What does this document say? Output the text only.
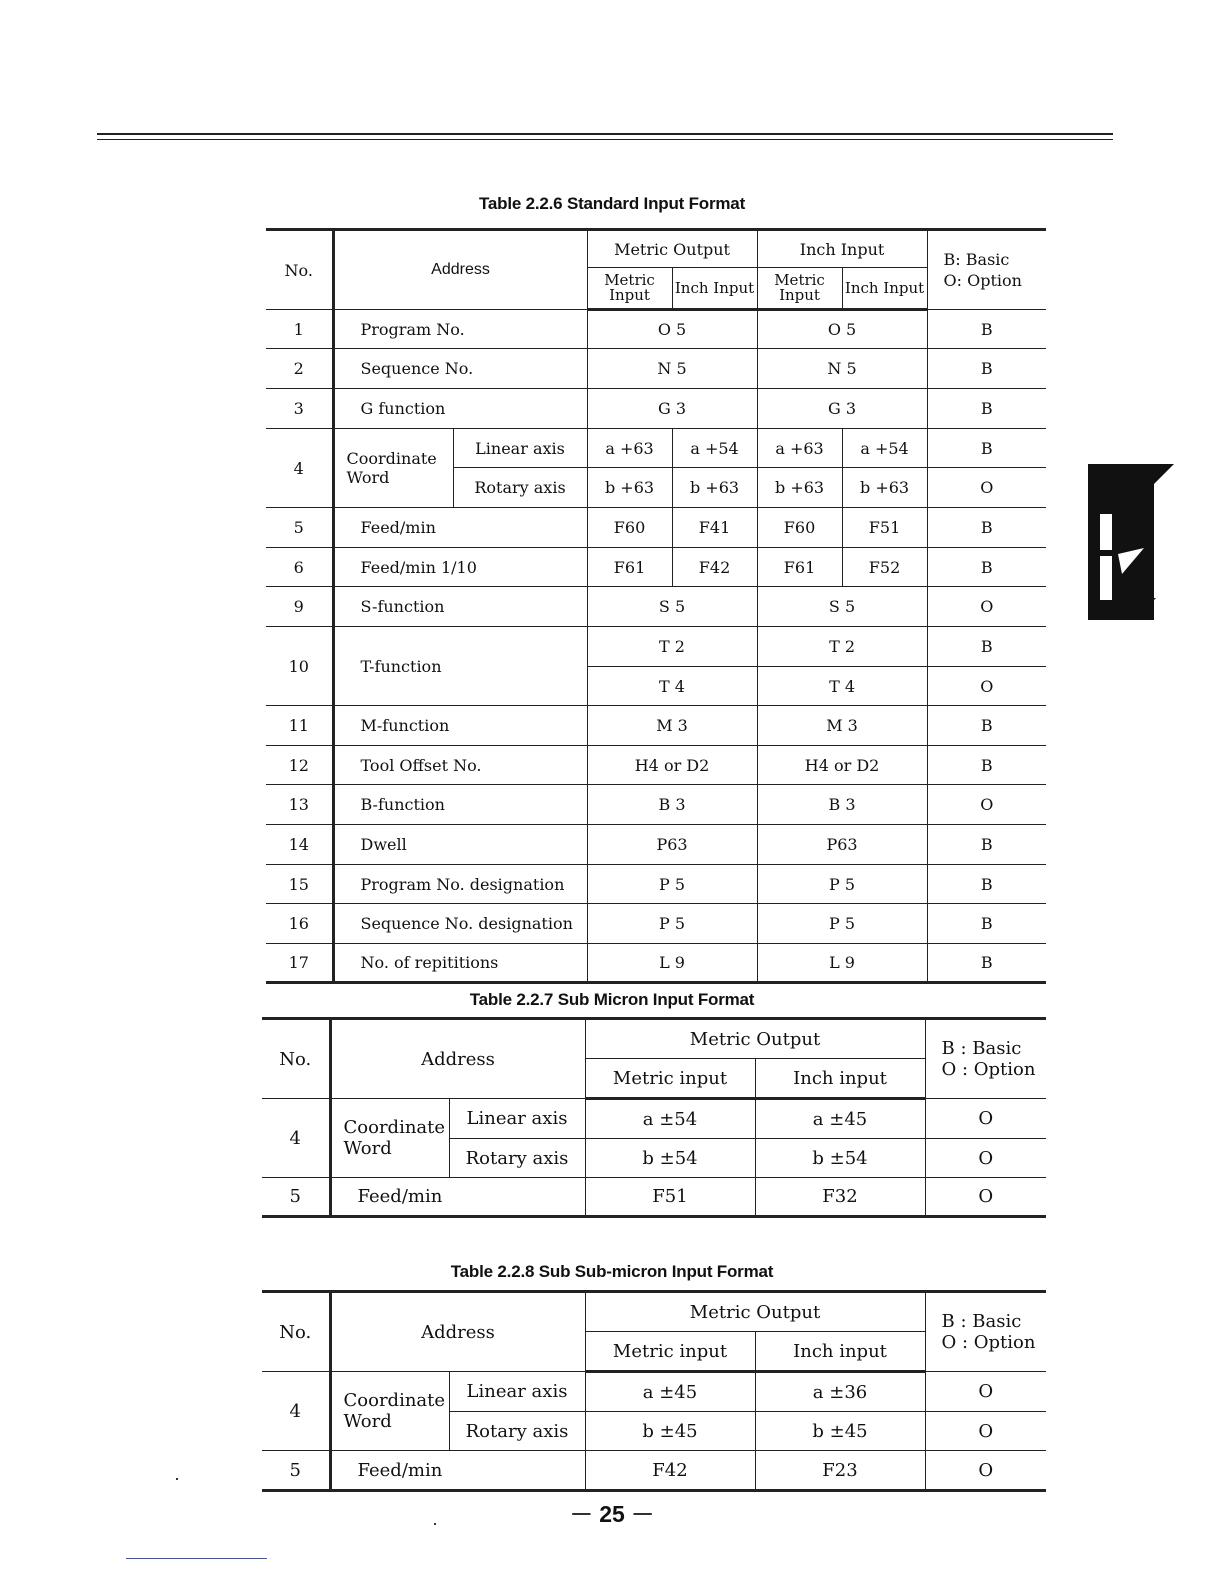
Table 2.2.6 Standard Input Format
No.	Address		Metric Output		Inch Input		B: Basic
O: Option

			Metric Input	Inch Input	Metric Input	Inch Input	
1	Program No.		O 5		O 5		B
2	Sequence No.		N 5		N 5		B
3	G function		G 3		G 3		B
4	Coordinate Word	Linear axis	a +63	a +54	a +63	a +54	B
		Rotary axis	b +63	b +63	b +63	b +63	O
5	Feed/min		F60	F41	F60	F51	B
6	Feed/min 1/10		F61	F42	F61	F52	B
9	S-function		S 5		S 5		O
10	T-function		T 2		T 2		B
			T 4		T 4		O
11	M-function		M 3		M 3		B
12	Tool Offset No.		H4 or D2		H4 or D2		B
13	B-function		B 3		B 3		O
14	Dwell		P63		P63		B
15	Program No. designation		P 5		P 5		B
16	Sequence No. designation		P 5		P 5		B
17	No. of repititions		L 9		L 9		B
Table 2.2.7 Sub Micron Input Format
No.	Address		Metric Output		B : Basic
O : Option

			Metric input	Inch input	
4	Coordinate Word	Linear axis	a ±54	a ±45	O
		Rotary axis	b ±54	b ±54	O
5	Feed/min		F51	F32	O
Table 2.2.8 Sub Sub-micron Input Format
No.	Address		Metric Output		B : Basic
O : Option

			Metric input	Inch input	
4	Coordinate Word	Linear axis	a ±45	a ±36	O
		Rotary axis	b ±45	b ±45	O
5	Feed/min		F42	F23	O
－ 25 －
